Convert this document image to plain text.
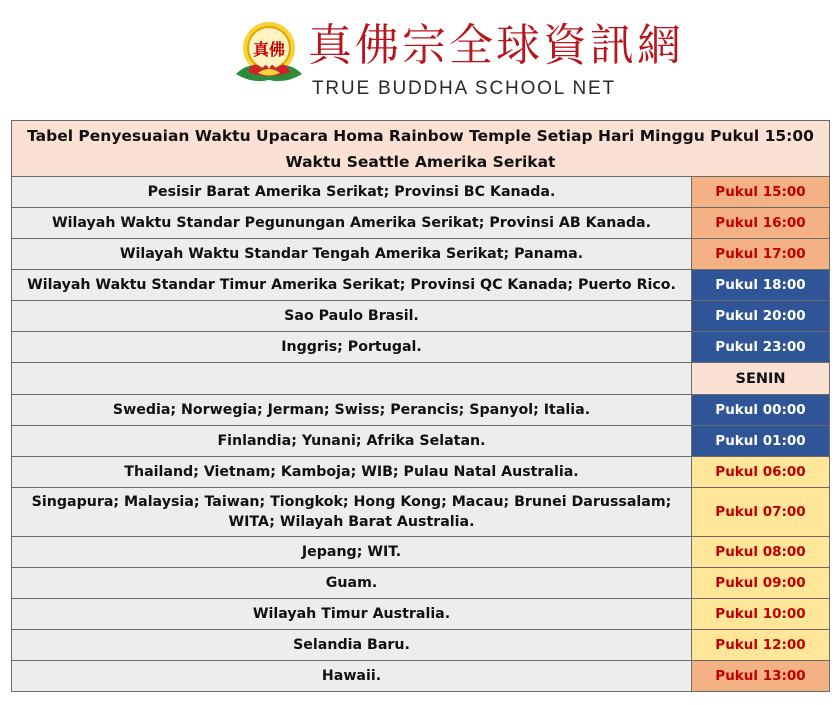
真佛 真佛宗全球資訊網
TRUE BUDDHA SCHOOL NET
Tabel Penyesuaian Waktu Upacara Homa Rainbow Temple Setiap Hari Minggu Pukul 15:00 Waktu Seattle Amerika Serikat	
Pesisir Barat Amerika Serikat; Provinsi BC Kanada.	Pukul 15:00
Wilayah Waktu Standar Pegunungan Amerika Serikat; Provinsi AB Kanada.	Pukul 16:00
Wilayah Waktu Standar Tengah Amerika Serikat; Panama.	Pukul 17:00
Wilayah Waktu Standar Timur Amerika Serikat; Provinsi QC Kanada; Puerto Rico.	Pukul 18:00
Sao Paulo Brasil.	Pukul 20:00
Inggris; Portugal.	Pukul 23:00
	SENIN
Swedia; Norwegia; Jerman; Swiss; Perancis; Spanyol; Italia.	Pukul 00:00
Finlandia; Yunani; Afrika Selatan.	Pukul 01:00
Thailand; Vietnam; Kamboja; WIB; Pulau Natal Australia.	Pukul 06:00
Singapura; Malaysia; Taiwan; Tiongkok; Hong Kong; Macau; Brunei Darussalam; WITA; Wilayah Barat Australia.	Pukul 07:00
Jepang; WIT.	Pukul 08:00
Guam.	Pukul 09:00
Wilayah Timur Australia.	Pukul 10:00
Selandia Baru.	Pukul 12:00
Hawaii.	Pukul 13:00
